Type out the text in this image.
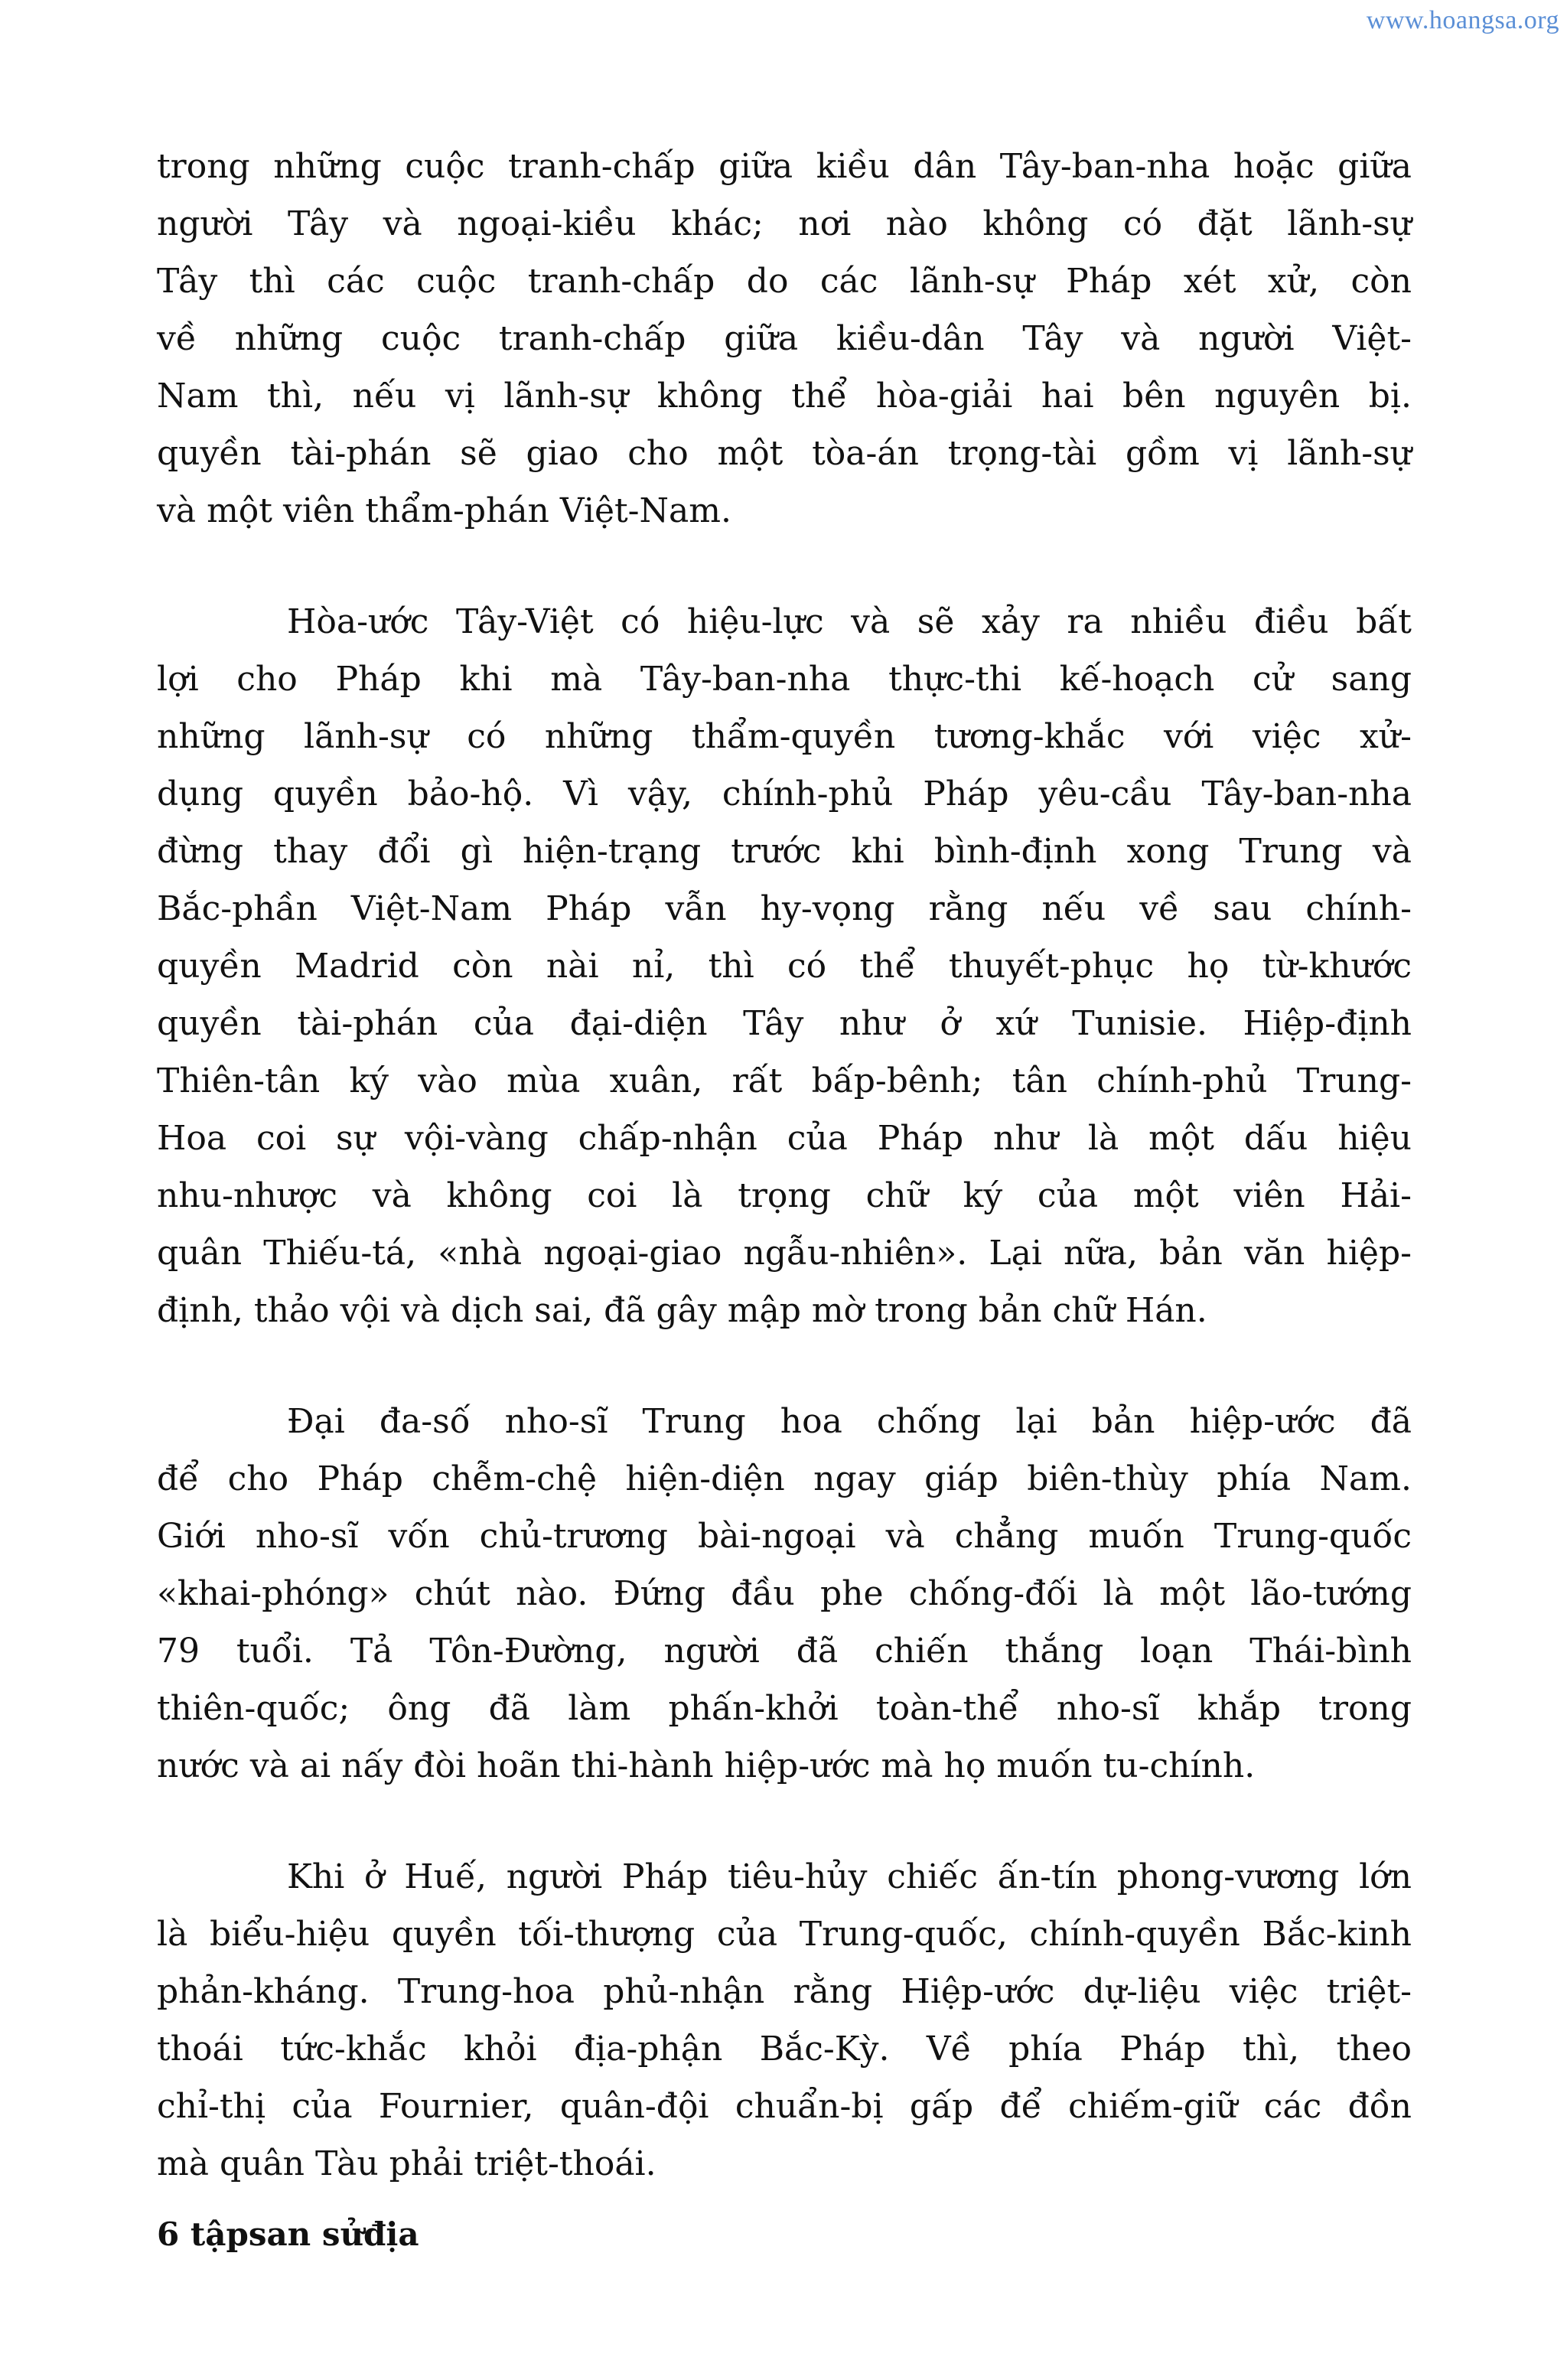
www.hoangsa.org

trong những cuộc tranh-chấp giữa kiều dân Tây-ban-nha hoặc giữa
người Tây và ngoại-kiều khác; nơi nào không có đặt lãnh-sự
Tây thì các cuộc tranh-chấp do các lãnh-sự Pháp xét xử, còn
về những cuộc tranh-chấp giữa kiều-dân Tây và người Việt-
Nam thì, nếu vị lãnh-sự không thể hòa-giải hai bên nguyên bị.
quyền tài-phán sẽ giao cho một tòa-án trọng-tài gồm vị lãnh-sự
và một viên thẩm-phán Việt-Nam.

Hòa-ước Tây-Việt có hiệu-lực và sẽ xảy ra nhiều điều bất
lợi cho Pháp khi mà Tây-ban-nha thực-thi kế-hoạch cử sang
những lãnh-sự có những thẩm-quyền tương-khắc với việc xử-
dụng quyền bảo-hộ. Vì vậy, chính-phủ Pháp yêu-cầu Tây-ban-nha
đừng thay đổi gì hiện-trạng trước khi bình-định xong Trung và
Bắc-phần Việt-Nam Pháp vẫn hy-vọng rằng nếu về sau chính-
quyền Madrid còn nài nỉ, thì có thể thuyết-phục họ từ-khước
quyền tài-phán của đại-diện Tây như ở xứ Tunisie. Hiệp-định
Thiên-tân ký vào mùa xuân, rất bấp-bênh; tân chính-phủ Trung-
Hoa coi sự vội-vàng chấp-nhận của Pháp như là một dấu hiệu
nhu-nhược và không coi là trọng chữ ký của một viên Hải-
quân Thiếu-tá, «nhà ngoại-giao ngẫu-nhiên». Lại nữa, bản văn hiệp-
định, thảo vội và dịch sai, đã gây mập mờ trong bản chữ Hán.

Đại đa-số nho-sĩ Trung hoa chống lại bản hiệp-ước đã
để cho Pháp chễm-chệ hiện-diện ngay giáp biên-thùy phía Nam.
Giới nho-sĩ vốn chủ-trương bài-ngoại và chẳng muốn Trung-quốc
«khai-phóng» chút nào. Đứng đầu phe chống-đối là một lão-tướng
79 tuổi. Tả Tôn-Đường, người đã chiến thắng loạn Thái-bình
thiên-quốc; ông đã làm phấn-khởi toàn-thể nho-sĩ khắp trong
nước và ai nấy đòi hoãn thi-hành hiệp-ước mà họ muốn tu-chính.

Khi ở Huế, người Pháp tiêu-hủy chiếc ấn-tín phong-vương lớn
là biểu-hiệu quyền tối-thượng của Trung-quốc, chính-quyền Bắc-kinh
phản-kháng. Trung-hoa phủ-nhận rằng Hiệp-ước dự-liệu việc triệt-
thoái tức-khắc khỏi địa-phận Bắc-Kỳ. Về phía Pháp thì, theo
chỉ-thị của Fournier, quân-đội chuẩn-bị gấp để chiếm-giữ các đồn
mà quân Tàu phải triệt-thoái.

6 tậpsan sửđịa
